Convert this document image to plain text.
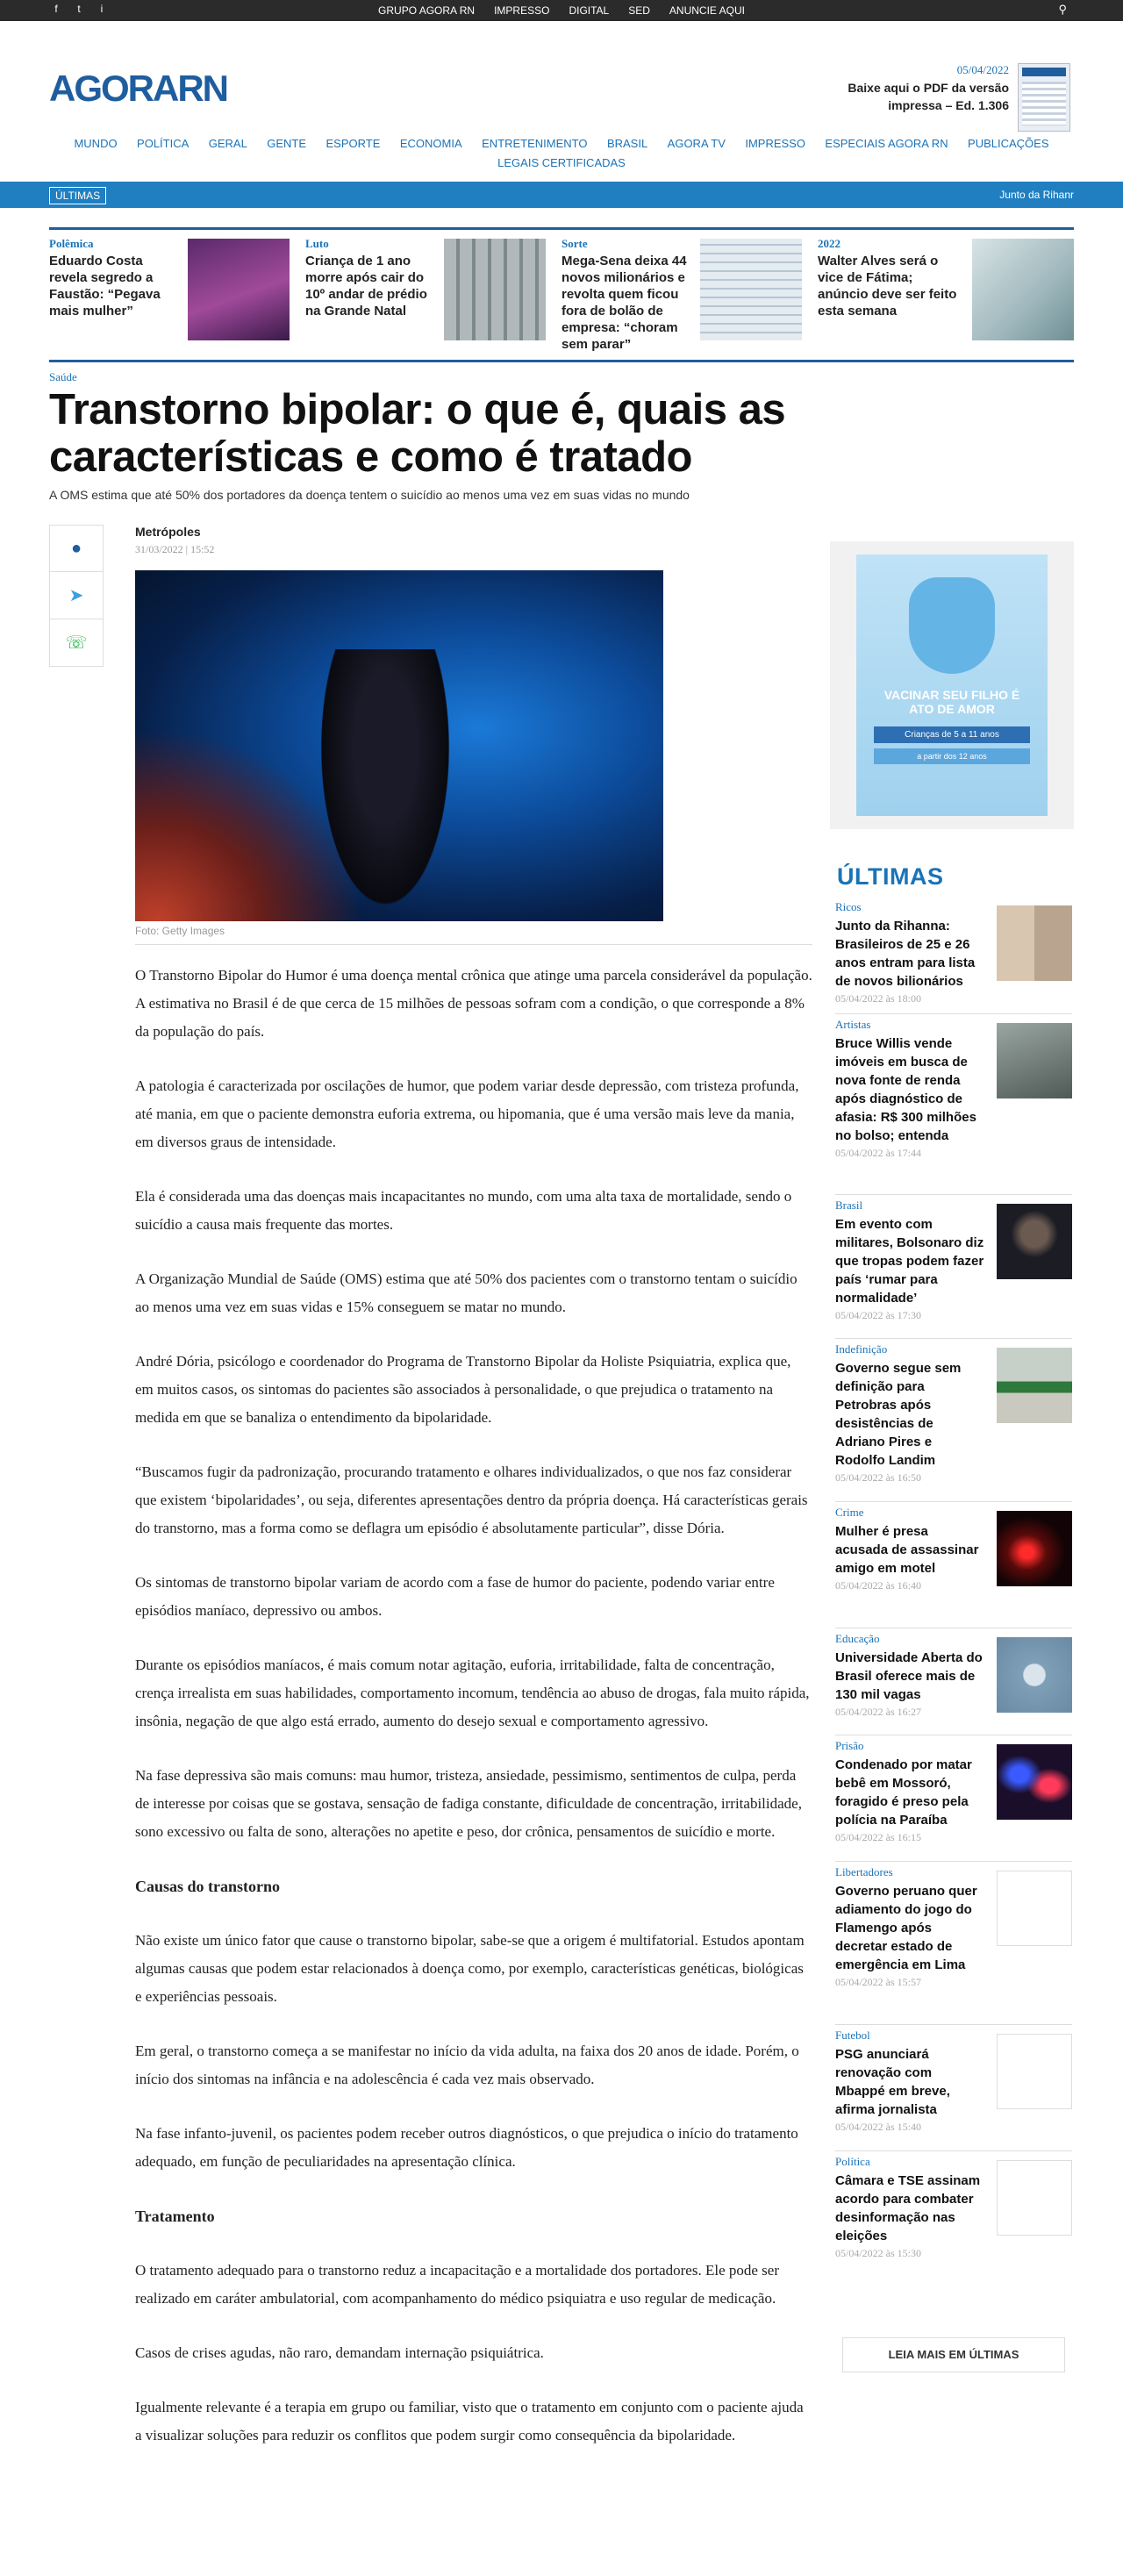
f	t	i	GRUPO AGORA RN IMPRESSO DIGITAL SED ANUNCIE AQUI	⚲
AGORARN	05/04/2022
Baixe aqui o PDF da versão impressa – Ed. 1.306
MUNDO POLÍTICA GERAL GENTE ESPORTE ECONOMIA ENTRETENIMENTO BRASIL AGORA TV IMPRESSO ESPECIAIS AGORA RN PUBLICAÇÕES
LEGAIS CERTIFICADAS
ÚLTIMAS	Junto da Rihanr
Polêmica
Eduardo Costa revela segredo a Faustão: “Pegava mais mulher”
Luto
Criança de 1 ano morre após cair do 10º andar de prédio na Grande Natal
Sorte
Mega-Sena deixa 44 novos milionários e revolta quem ficou fora de bolão de empresa: “choram sem parar”
2022
Walter Alves será o vice de Fátima; anúncio deve ser feito esta semana
Saúde
Transtorno bipolar: o que é, quais as características e como é tratado
A OMS estima que até 50% dos portadores da doença tentem o suicídio ao menos uma vez em suas vidas no mundo
●
➤
☏
Metrópoles
31/03/2022 | 15:52
Foto: Getty Images

O Transtorno Bipolar do Humor é uma doença mental crônica que atinge uma parcela considerável da população. A estimativa no Brasil é de que cerca de 15 milhões de pessoas sofram com a condição, o que corresponde a 8% da população do país.

A patologia é caracterizada por oscilações de humor, que podem variar desde depressão, com tristeza profunda, até mania, em que o paciente demonstra euforia extrema, ou hipomania, que é uma versão mais leve da mania, em diversos graus de intensidade.

Ela é considerada uma das doenças mais incapacitantes no mundo, com uma alta taxa de mortalidade, sendo o suicídio a causa mais frequente das mortes.

A Organização Mundial de Saúde (OMS) estima que até 50% dos pacientes com o transtorno tentam o suicídio ao menos uma vez em suas vidas e 15% conseguem se matar no mundo.

André Dória, psicólogo e coordenador do Programa de Transtorno Bipolar da Holiste Psiquiatria, explica que, em muitos casos, os sintomas do pacientes são associados à personalidade, o que prejudica o tratamento na medida em que se banaliza o entendimento da bipolaridade.

“Buscamos fugir da padronização, procurando tratamento e olhares individualizados, o que nos faz considerar que existem ‘bipolaridades’, ou seja, diferentes apresentações dentro da própria doença. Há características gerais do transtorno, mas a forma como se deflagra um episódio é absolutamente particular”, disse Dória.

Os sintomas de transtorno bipolar variam de acordo com a fase de humor do paciente, podendo variar entre episódios maníaco, depressivo ou ambos.

Durante os episódios maníacos, é mais comum notar agitação, euforia, irritabilidade, falta de concentração, crença irrealista em suas habilidades, comportamento incomum, tendência ao abuso de drogas, fala muito rápida, insônia, negação de que algo está errado, aumento do desejo sexual e comportamento agressivo.

Na fase depressiva são mais comuns: mau humor, tristeza, ansiedade, pessimismo, sentimentos de culpa, perda de interesse por coisas que se gostava, sensação de fadiga constante, dificuldade de concentração, irritabilidade, sono excessivo ou falta de sono, alterações no apetite e peso, dor crônica, pensamentos de suicídio e morte.

Causas do transtorno

Não existe um único fator que cause o transtorno bipolar, sabe-se que a origem é multifatorial. Estudos apontam algumas causas que podem estar relacionados à doença como, por exemplo, características genéticas, biológicas e experiências pessoais.

Em geral, o transtorno começa a se manifestar no início da vida adulta, na faixa dos 20 anos de idade. Porém, o início dos sintomas na infância e na adolescência é cada vez mais observado.

Na fase infanto-juvenil, os pacientes podem receber outros diagnósticos, o que prejudica o início do tratamento adequado, em função de peculiaridades na apresentação clínica.

Tratamento

O tratamento adequado para o transtorno reduz a incapacitação e a mortalidade dos portadores. Ele pode ser realizado em caráter ambulatorial, com acompanhamento do médico psiquiatra e uso regular de medicação.

Casos de crises agudas, não raro, demandam internação psiquiátrica.

Igualmente relevante é a terapia em grupo ou familiar, visto que o tratamento em conjunto com o paciente ajuda a visualizar soluções para reduzir os conflitos que podem surgir como consequência da bipolaridade.

VACINAR SEU FILHO É
ATO DE AMOR
Crianças de 5 a 11 anos
a partir dos 12 anos
ÚLTIMAS
Ricos
Junto da Rihanna: Brasileiros de 25 e 26 anos entram para lista de novos bilionários
05/04/2022 às 18:00
Artistas
Bruce Willis vende imóveis em busca de nova fonte de renda após diagnóstico de afasia: R$ 300 milhões no bolso; entenda
05/04/2022 às 17:44
Brasil
Em evento com militares, Bolsonaro diz que tropas podem fazer país ‘rumar para normalidade’
05/04/2022 às 17:30
Indefinição
Governo segue sem definição para Petrobras após desistências de Adriano Pires e Rodolfo Landim
05/04/2022 às 16:50
Crime
Mulher é presa acusada de assassinar amigo em motel
05/04/2022 às 16:40
Educação
Universidade Aberta do Brasil oferece mais de 130 mil vagas
05/04/2022 às 16:27
Prisão
Condenado por matar bebê em Mossoró, foragido é preso pela polícia na Paraíba
05/04/2022 às 16:15
Libertadores
Governo peruano quer adiamento do jogo do Flamengo após decretar estado de emergência em Lima
05/04/2022 às 15:57
Futebol
PSG anunciará renovação com Mbappé em breve, afirma jornalista
05/04/2022 às 15:40
Política
Câmara e TSE assinam acordo para combater desinformação nas eleições
05/04/2022 às 15:30
LEIA MAIS EM ÚLTIMAS
